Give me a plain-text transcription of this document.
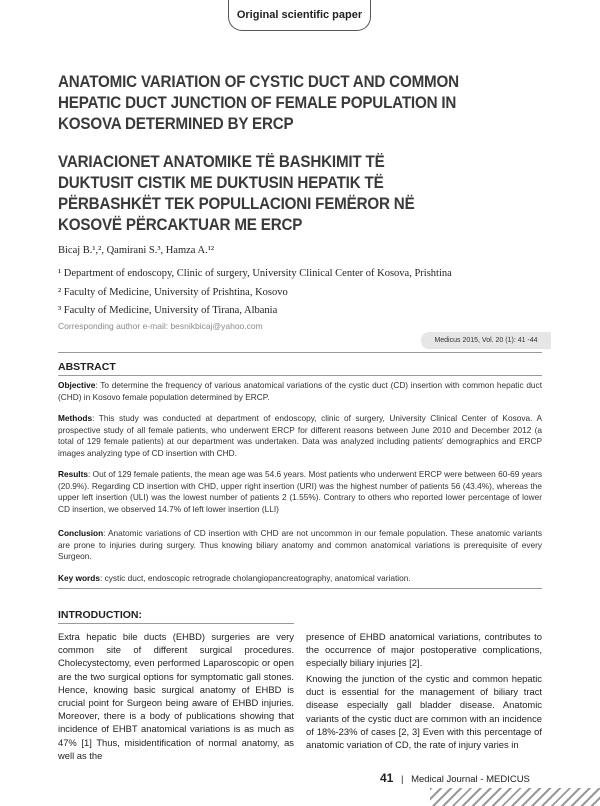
Original scientific paper
ANATOMIC VARIATION OF CYSTIC DUCT AND COMMON
HEPATIC DUCT JUNCTION OF FEMALE POPULATION IN
KOSOVA DETERMINED BY ERCP
VARIACIONET ANATOMIKE TË BASHKIMIT TË
DUKTUSIT CISTIK ME DUKTUSIN HEPATIK TË
PËRBASHKËT TEK POPULLACIONI FEMËROR NË
KOSOVË PËRCAKTUAR ME ERCP
Bicaj B.¹,², Qamirani S.³, Hamza A.¹²
¹ Department of endoscopy, Clinic of surgery, University Clinical Center of Kosova, Prishtina
² Faculty of Medicine, University of Prishtina, Kosovo
³ Faculty of Medicine, University of Tirana, Albania
Corresponding author e-mail: besnikbicaj@yahoo.com
Medicus 2015, Vol. 20 (1): 41 -44
ABSTRACT
Objective: To determine the frequency of various anatomical variations of the cystic duct (CD) insertion with common hepatic duct (CHD) in Kosovo female population determined by ERCP.
Methods: This study was conducted at department of endoscopy, clinic of surgery, University Clinical Center of Kosova. A prospective study of all female patients, who underwent ERCP for different reasons between June 2010 and December 2012 (a total of 129 female patients) at our department was undertaken. Data was analyzed including patients' demographics and ERCP images analyzing type of CD insertion with CHD.
Results: Out of 129 female patients, the mean age was 54.6 years. Most patients who underwent ERCP were between 60-69 years (20.9%). Regarding CD insertion with CHD, upper right insertion (URI) was the highest number of patients 56 (43.4%), whereas the upper left insertion (ULI) was the lowest number of patients 2 (1.55%). Contrary to others who reported lower percentage of lower CD insertion, we observed 14.7% of left lower insertion (LLI)
Conclusion: Anatomic variations of CD insertion with CHD are not uncommon in our female population. These anatomic variants are prone to injuries during surgery. Thus knowing biliary anatomy and common anatomical variations is prerequisite of every Surgeon.
Key words: cystic duct, endoscopic retrograde cholangiopancreatography, anatomical variation.
INTRODUCTION:
Extra hepatic bile ducts (EHBD) surgeries are very common site of different surgical procedures. Cholecystectomy, even performed Laparoscopic or open are the two surgical options for symptomatic gall stones. Hence, knowing basic surgical anatomy of EHBD is crucial point for Surgeon being aware of EHBD injuries. Moreover, there is a body of publications showing that incidence of EHBT anatomical variations is as much as 47% [1] Thus, misidentification of normal anatomy, as well as the
presence of EHBD anatomical variations, contributes to the occurrence of major postoperative complications, especially biliary injuries [2].
Knowing the junction of the cystic and common hepatic duct is essential for the management of biliary tract disease especially gall bladder disease. Anatomic variants of the cystic duct are common with an incidence of 18%-23% of cases [2, 3] Even with this percentage of anatomic variation of CD, the rate of injury varies in
41 | Medical Journal - MEDICUS
